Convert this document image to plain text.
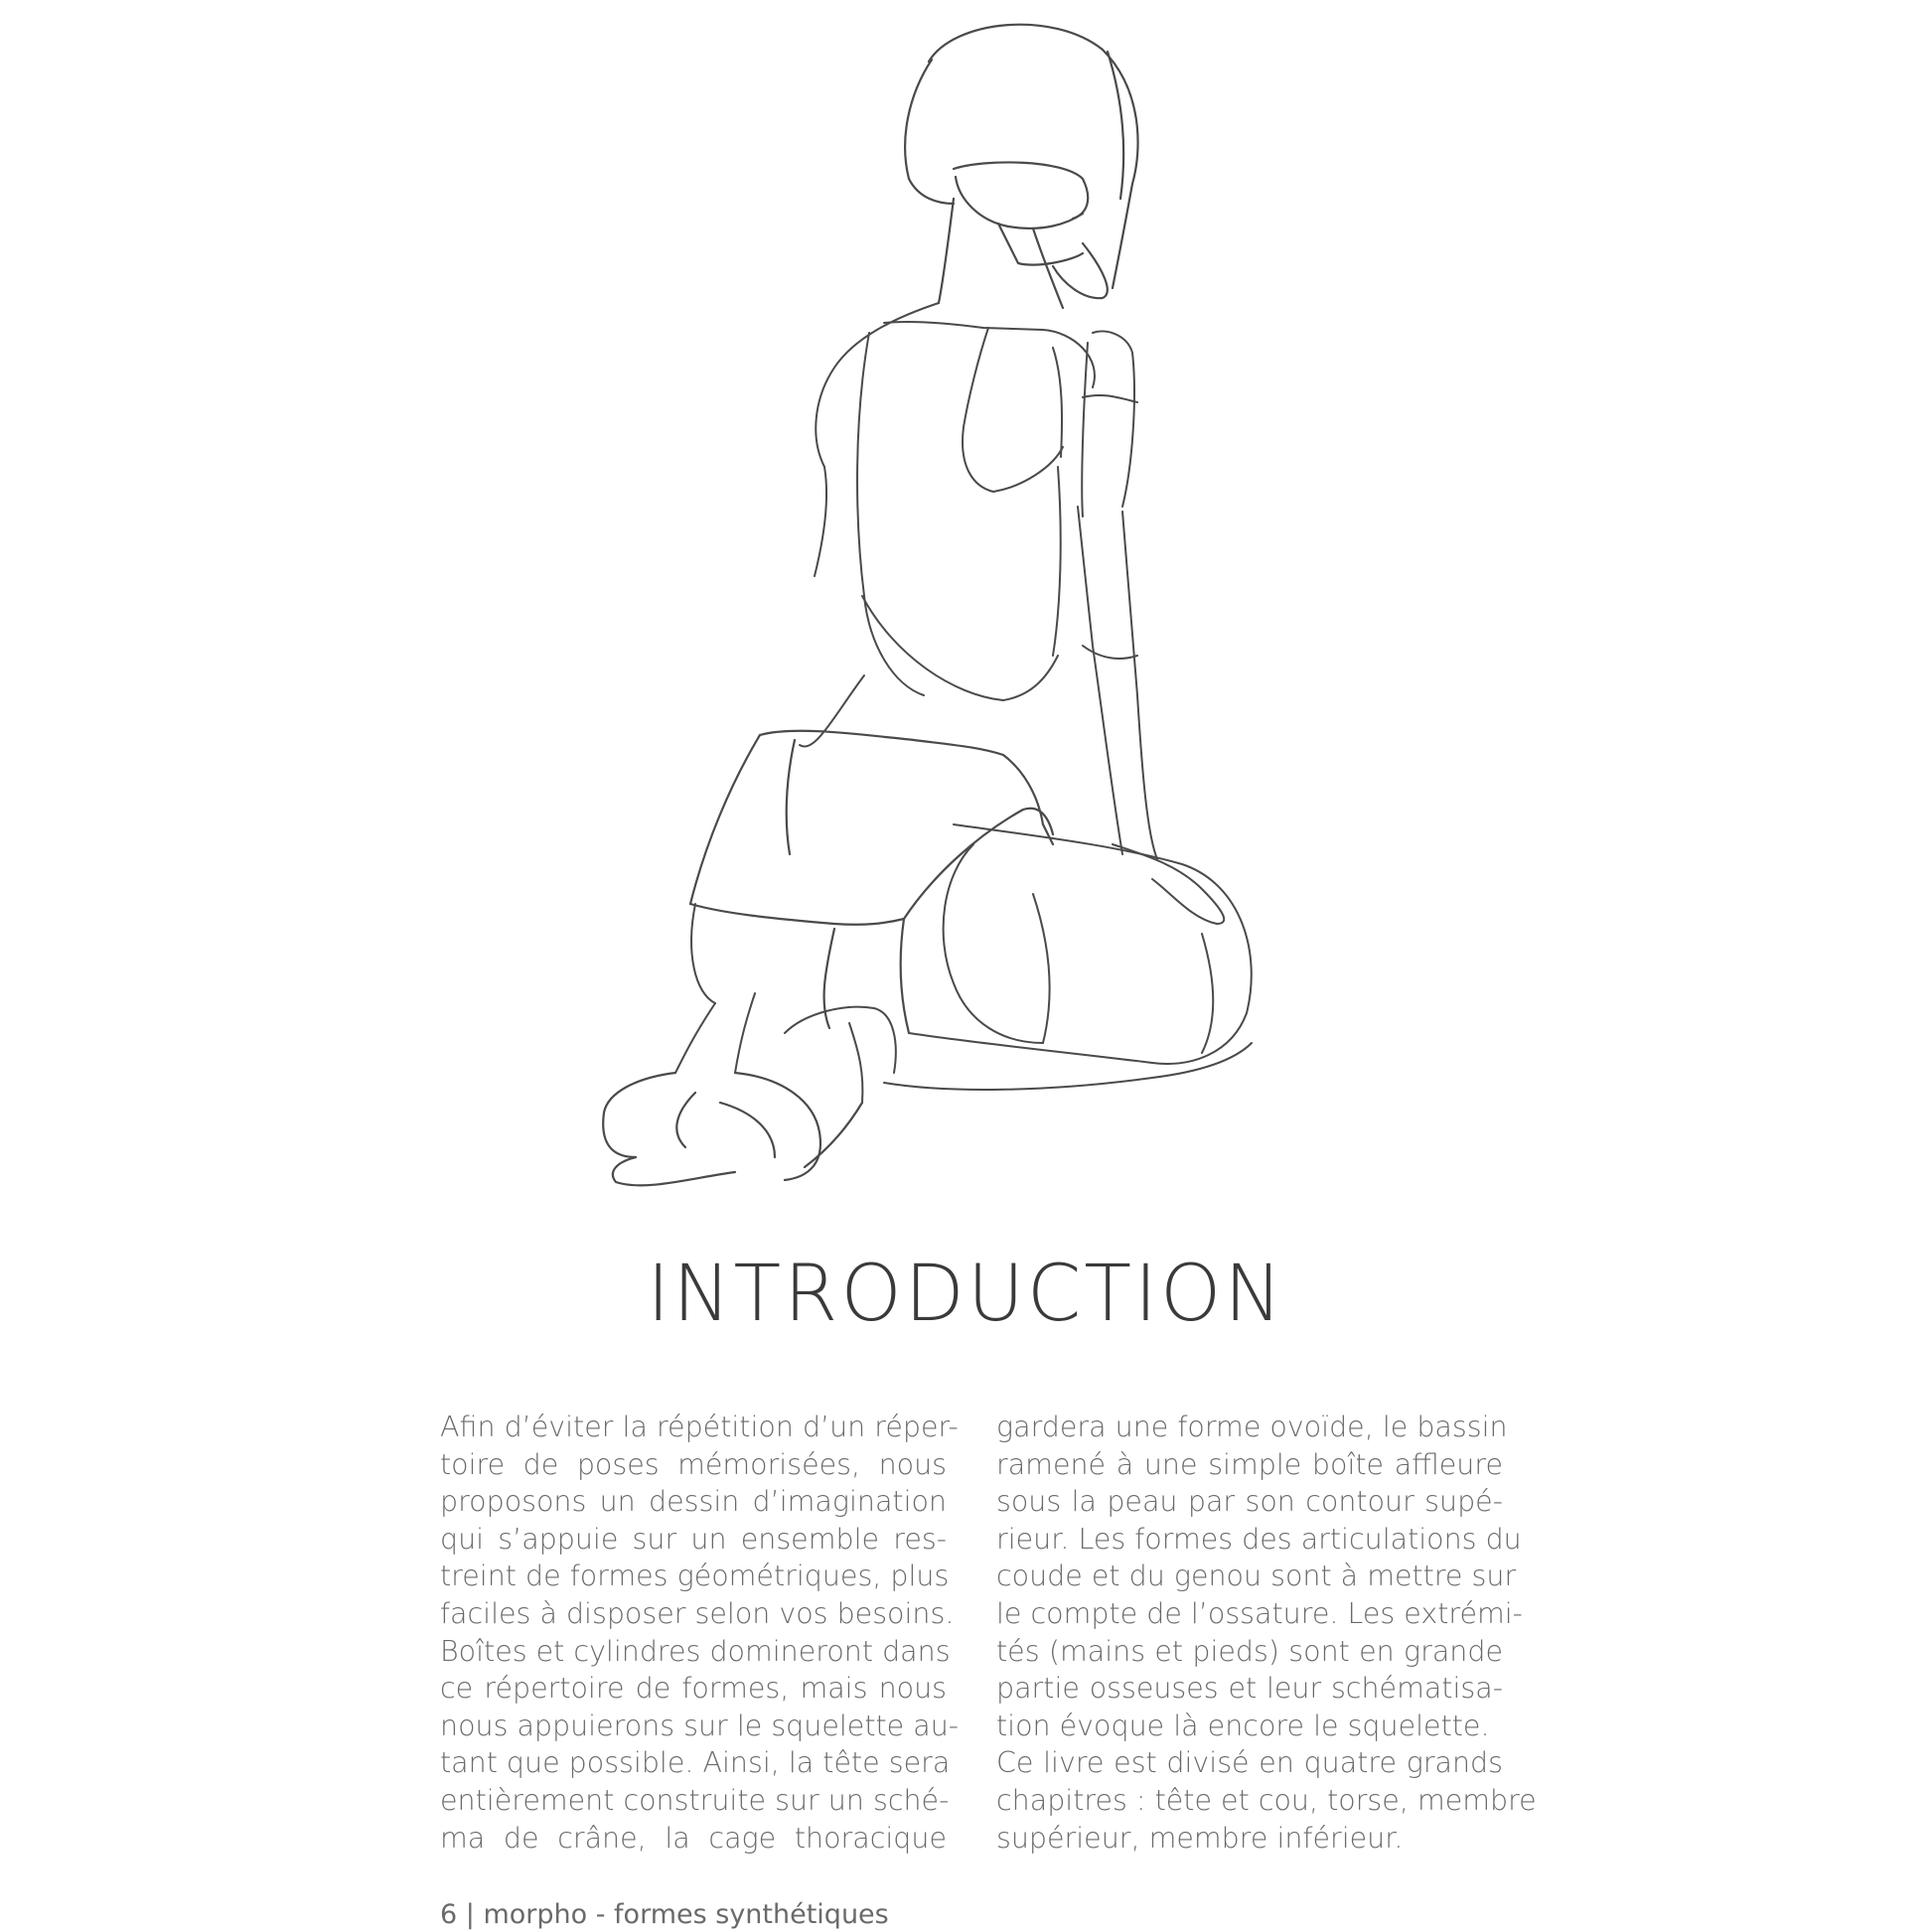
INTRODUCTION
Afin d’éviter la répétition d’un réper-
toire de poses mémorisées, nous
proposons un dessin d’imagination
qui s’appuie sur un ensemble res-
treint de formes géométriques, plus
faciles à disposer selon vos besoins.
Boîtes et cylindres domineront dans
ce répertoire de formes, mais nous
nous appuierons sur le squelette au-
tant que possible. Ainsi, la tête sera
entièrement construite sur un sché-
ma de crâne, la cage thoracique
gardera une forme ovoïde, le bassin
ramené à une simple boîte affleure
sous la peau par son contour supé-
rieur. Les formes des articulations du
coude et du genou sont à mettre sur
le compte de l’ossature. Les extrémi-
tés (mains et pieds) sont en grande
partie osseuses et leur schématisa-
tion évoque là encore le squelette.
Ce livre est divisé en quatre grands
chapitres : tête et cou, torse, membre
supérieur, membre inférieur.
6 | morpho - formes synthétiques
